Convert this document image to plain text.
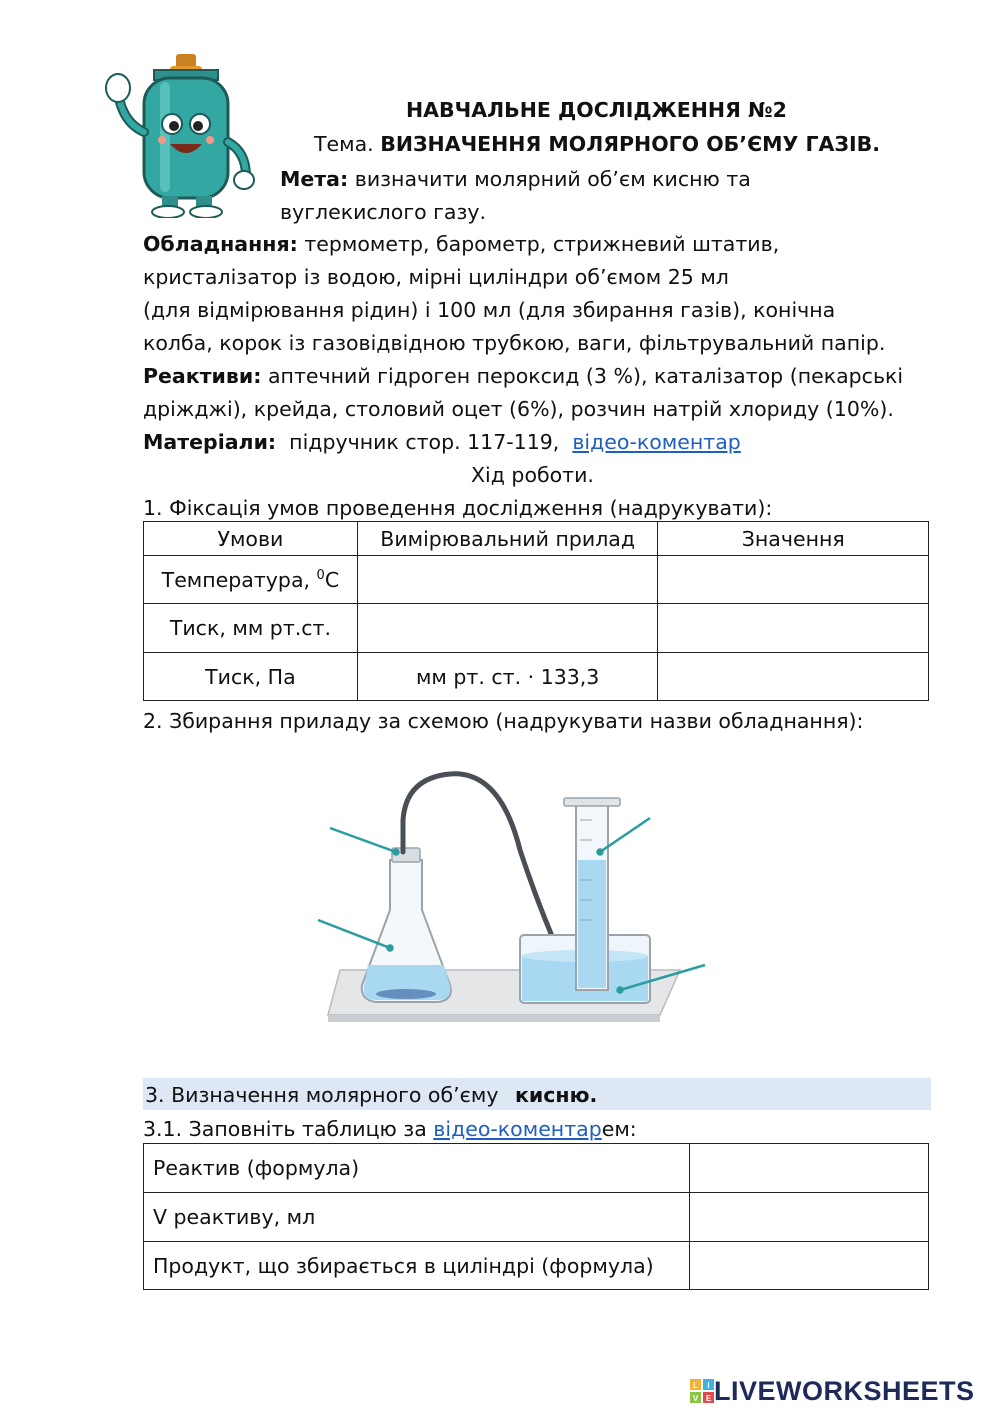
НАВЧАЛЬНЕ ДОСЛІДЖЕННЯ №2
Тема. ВИЗНАЧЕННЯ МОЛЯРНОГО ОБ’ЄМУ ГАЗІВ.
Мета: визначити молярний об’єм кисню та
вуглекислого газу.
Обладнання: термометр, барометр, стрижневий штатив,
кристалізатор із водою, мірні циліндри об’ємом 25 мл
(для відмірювання рідин) і 100 мл (для збирання газів), конічна
колба, корок із газовідвідною трубкою, ваги, фільтрувальний папір.
Реактиви: аптечний гідроген пероксид (3 %), каталізатор (пекарські
дріжджі), крейда, столовий оцет (6%), розчин натрій хлориду (10%).
Матеріали:  підручник стор. 117-119,  відео-коментар
Хід роботи.
1. Фіксація умов проведення дослідження (надрукувати):
Умови	Вимірювальний прилад	Значення
Температура, $^0$С		
Тиск, мм рт.ст.		
Тиск, Па	мм рт. ст. · 133,3	
2. Збирання приладу за схемою (надрукувати назви обладнання):
3. Визначення молярного об’єму кисню.
3.1. Заповніть таблицю за відео-коментарем:
Реактив (формула)	
V реактиву, мл	
Продукт, що збирається в циліндрі (формула)	
L I
V E LIVEWORKSHEETS
